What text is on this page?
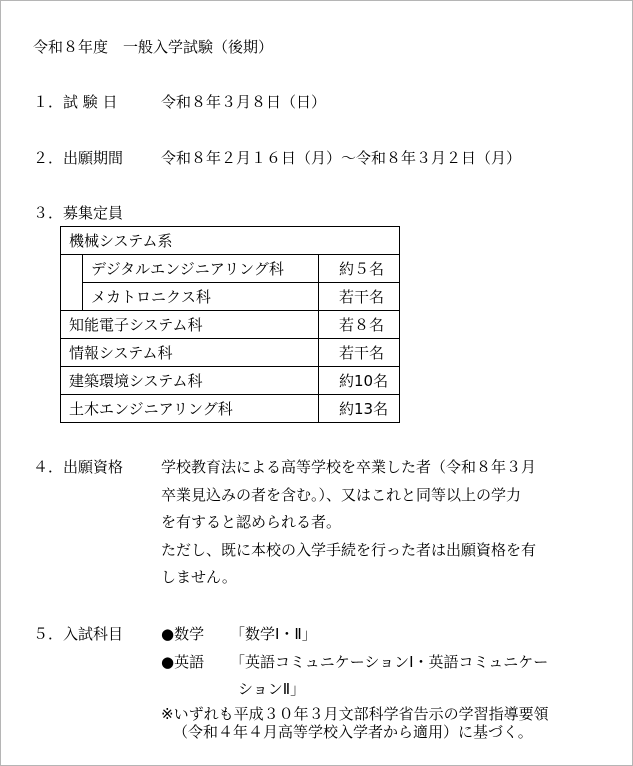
令和８年度　一般入学試験（後期）
１．試 験 日	令和８年３月８日（日）
２．出願期間	令和８年２月１６日（月）〜令和８年３月２日（月）
３．募集定員
機械システム系		
	デジタルエンジニアリング科	約５名
	メカトロニクス科	若干名
知能電子システム科		若８名
情報システム科		若干名
建築環境システム科		約10名
土木エンジニアリング科		約13名
４．出願資格	学校教育法による高等学校を卒業した者（令和８年３月
卒業見込みの者を含む。）、又はこれと同等以上の学力
を有すると認められる者。
ただし、既に本校の入学手続を行った者は出願資格を有
しません。
５．入試科目	●数学 「数学Ⅰ・Ⅱ」
●英語 「英語コミュニケーションⅠ・英語コミュニケー
ションⅡ」
※いずれも平成３０年３月文部科学省告示の学習指導要領
（令和４年４月高等学校入学者から適用）に基づく。
